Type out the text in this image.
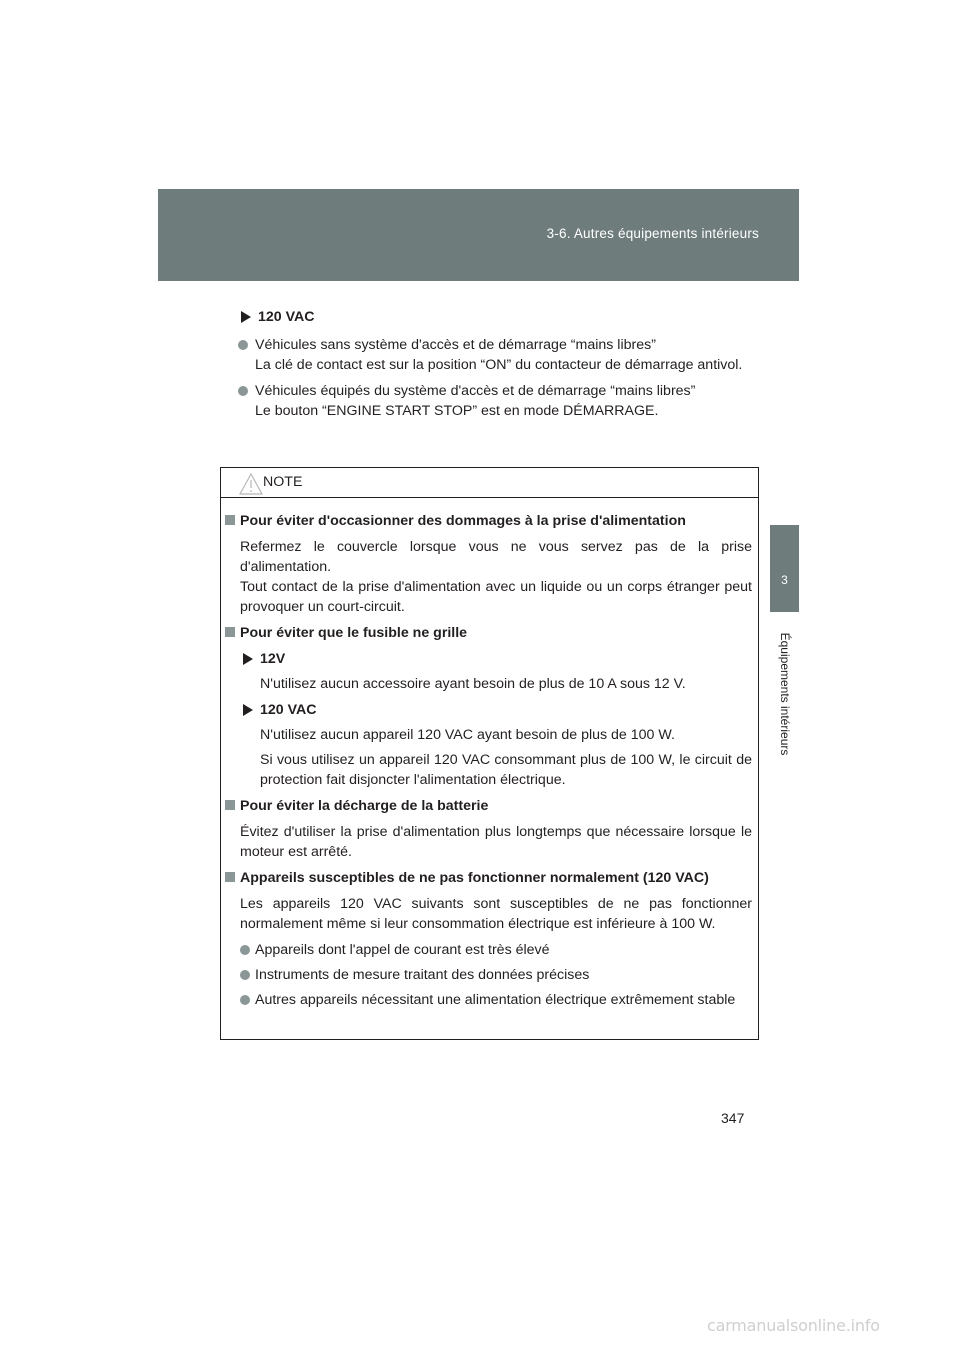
3-6. Autres équipements intérieurs
3
Équipements intérieurs
120 VAC
Véhicules sans système d'accès et de démarrage “mains libres”
La clé de contact est sur la position “ON” du contacteur de démarrage antivol.
Véhicules équipés du système d'accès et de démarrage “mains libres”
Le bouton “ENGINE START STOP” est en mode DÉMARRAGE.
NOTE
Pour éviter d'occasionner des dommages à la prise d'alimentation
Refermez le couvercle lorsque vous ne vous servez pas de la prise d'alimentation.
Tout contact de la prise d'alimentation avec un liquide ou un corps étranger peut provoquer un court-circuit.
Pour éviter que le fusible ne grille
12V
N'utilisez aucun accessoire ayant besoin de plus de 10 A sous 12 V.
120 VAC
N'utilisez aucun appareil 120 VAC ayant besoin de plus de 100 W.
Si vous utilisez un appareil 120 VAC consommant plus de 100 W, le circuit de protection fait disjoncter l'alimentation électrique.
Pour éviter la décharge de la batterie
Évitez d'utiliser la prise d'alimentation plus longtemps que nécessaire lorsque le moteur est arrêté.
Appareils susceptibles de ne pas fonctionner normalement (120 VAC)
Les appareils 120 VAC suivants sont susceptibles de ne pas fonctionner normalement même si leur consommation électrique est inférieure à 100 W.
Appareils dont l'appel de courant est très élevé
Instruments de mesure traitant des données précises
Autres appareils nécessitant une alimentation électrique extrêmement stable
347
carmanualsonline.info
